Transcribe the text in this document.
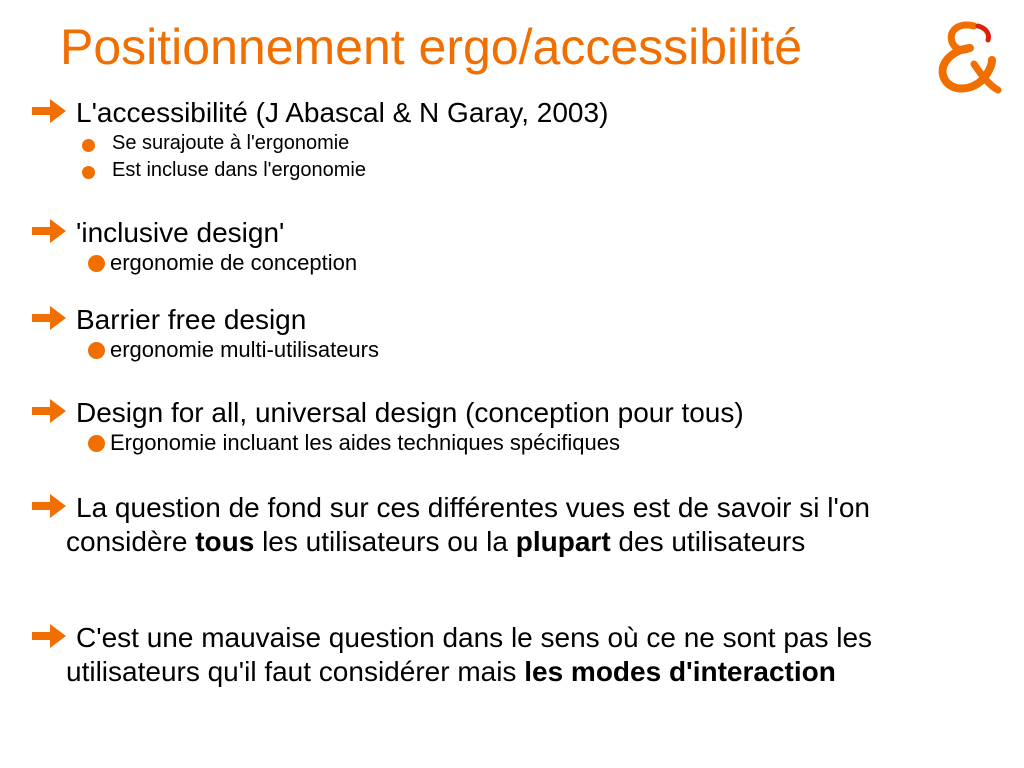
Positionnement ergo/accessibilité
L'accessibilité (J Abascal & N Garay, 2003)
Se surajoute à l'ergonomie
Est incluse dans l'ergonomie
'inclusive design'
ergonomie de conception
Barrier free design
ergonomie multi-utilisateurs
Design for all, universal design (conception pour tous)
Ergonomie incluant les aides techniques spécifiques
La question de fond sur ces différentes vues est de savoir si l'on considère tous les utilisateurs ou la plupart des utilisateurs
C'est une mauvaise question dans le sens où ce ne sont pas les utilisateurs qu'il faut considérer mais les modes d'interaction
